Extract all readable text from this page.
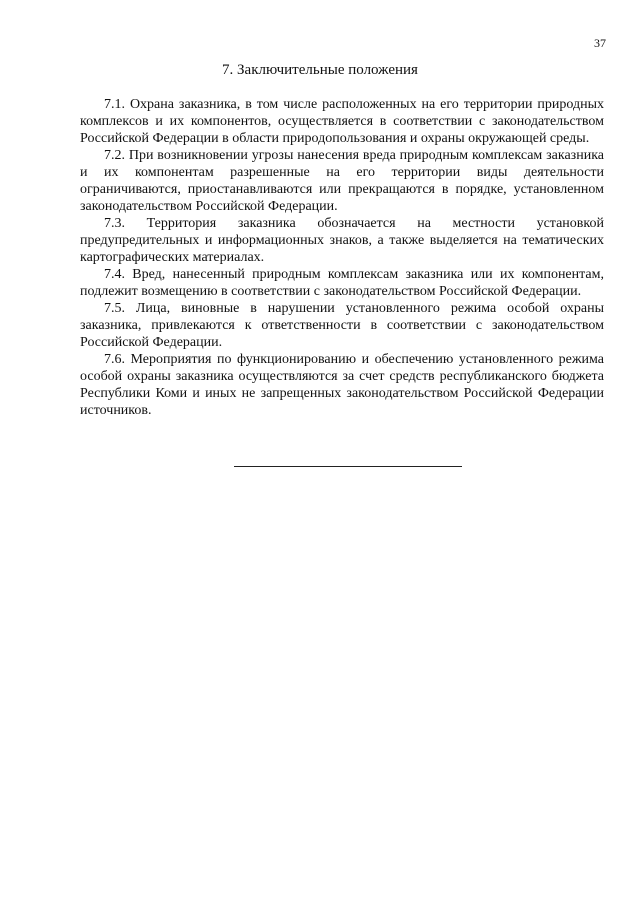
37
7. Заключительные положения

7.1. Охрана заказника, в том числе расположенных на его территории природных комплексов и их компонентов, осуществляется в соответствии с законодательством Российской Федерации в области природопользования и охраны окружающей среды.

7.2. При возникновении угрозы нанесения вреда природным комплексам заказника и их компонентам разрешенные на его территории виды деятельности ограничиваются, приостанавливаются или прекращаются в порядке, установленном законодательством Российской Федерации.

7.3. Территория заказника обозначается на местности установкой предупредительных и информационных знаков, а также выделяется на тематических картографических материалах.

7.4. Вред, нанесенный природным комплексам заказника или их компонентам, подлежит возмещению в соответствии с законодательством Российской Федерации.

7.5. Лица, виновные в нарушении установленного режима особой охраны заказника, привлекаются к ответственности в соответствии с законодательством Российской Федерации.

7.6. Мероприятия по функционированию и обеспечению установленного режима особой охраны заказника осуществляются за счет средств республиканского бюджета Республики Коми и иных не запрещенных законодательством Российской Федерации источников.
